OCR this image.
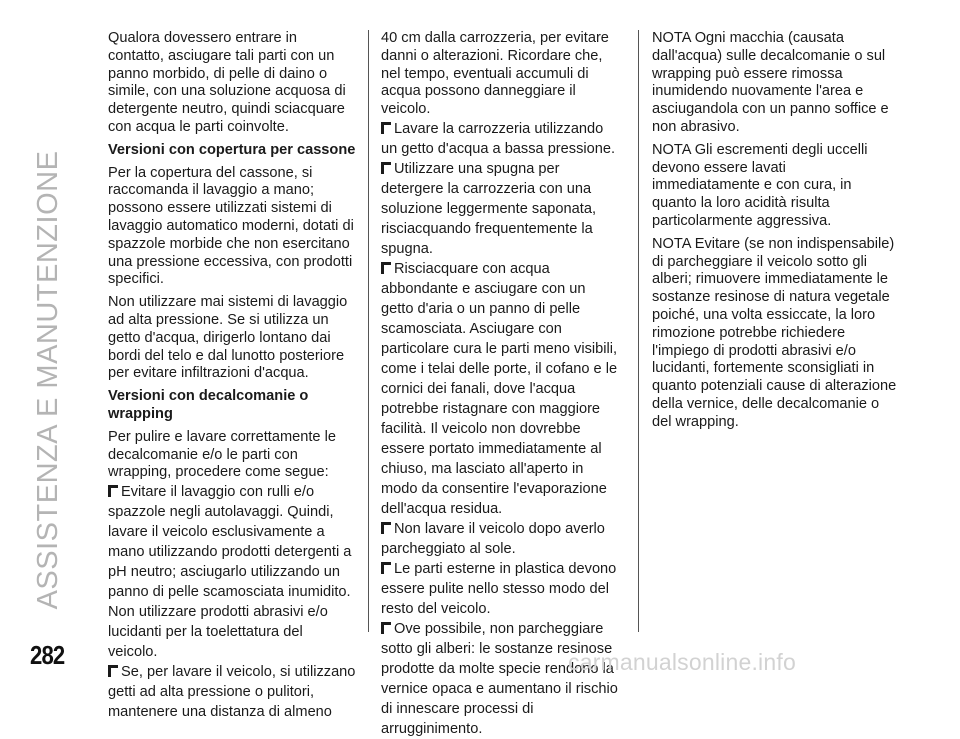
ASSISTENZA E MANUTENZIONE

Qualora dovessero entrare in contatto, asciugare tali parti con un panno morbido, di pelle di daino o simile, con una soluzione acquosa di detergente neutro, quindi sciacquare con acqua le parti coinvolte.

Versioni con copertura per cassone

Per la copertura del cassone, si raccomanda il lavaggio a mano; possono essere utilizzati sistemi di lavaggio automatico moderni, dotati di spazzole morbide che non esercitano una pressione eccessiva, con prodotti specifici.

Non utilizzare mai sistemi di lavaggio ad alta pressione. Se si utilizza un getto d'acqua, dirigerlo lontano dai bordi del telo e dal lunotto posteriore per evitare infiltrazioni d'acqua.

Versioni con decalcomanie o wrapping

Per pulire e lavare correttamente le decalcomanie e/o le parti con wrapping, procedere come segue:

Evitare il lavaggio con rulli e/o spazzole negli autolavaggi. Quindi, lavare il veicolo esclusivamente a mano utilizzando prodotti detergenti a pH neutro; asciugarlo utilizzando un panno di pelle scamosciata inumidito. Non utilizzare prodotti abrasivi e/o lucidanti per la toelettatura del veicolo.

Se, per lavare il veicolo, si utilizzano getti ad alta pressione o pulitori, mantenere una distanza di almeno

40 cm dalla carrozzeria, per evitare danni o alterazioni. Ricordare che, nel tempo, eventuali accumuli di acqua possono danneggiare il veicolo.

Lavare la carrozzeria utilizzando un getto d'acqua a bassa pressione.

Utilizzare una spugna per detergere la carrozzeria con una soluzione leggermente saponata, risciacquando frequentemente la spugna.

Risciacquare con acqua abbondante e asciugare con un getto d'aria o un panno di pelle scamosciata. Asciugare con particolare cura le parti meno visibili, come i telai delle porte, il cofano e le cornici dei fanali, dove l'acqua potrebbe ristagnare con maggiore facilità. Il veicolo non dovrebbe essere portato immediatamente al chiuso, ma lasciato all'aperto in modo da consentire l'evaporazione dell'acqua residua.

Non lavare il veicolo dopo averlo parcheggiato al sole.

Le parti esterne in plastica devono essere pulite nello stesso modo del resto del veicolo.

Ove possibile, non parcheggiare sotto gli alberi: le sostanze resinose prodotte da molte specie rendono la vernice opaca e aumentano il rischio di innescare processi di arrugginimento.

NOTA Ogni macchia (causata dall'acqua) sulle decalcomanie o sul wrapping può essere rimossa inumidendo nuovamente l'area e asciugandola con un panno soffice e non abrasivo.

NOTA Gli escrementi degli uccelli devono essere lavati immediatamente e con cura, in quanto la loro acidità risulta particolarmente aggressiva.

NOTA Evitare (se non indispensabile) di parcheggiare il veicolo sotto gli alberi; rimuovere immediatamente le sostanze resinose di natura vegetale poiché, una volta essiccate, la loro rimozione potrebbe richiedere l'impiego di prodotti abrasivi e/o lucidanti, fortemente sconsigliati in quanto potenziali cause di alterazione della vernice, delle decalcomanie o del wrapping.

282	carmanualsonline.info
